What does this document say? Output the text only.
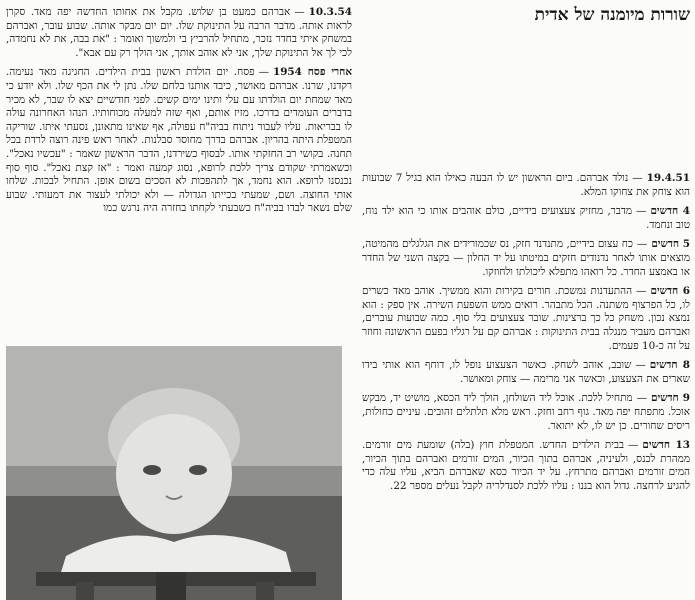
10.3.54—אברהם כמעט בן שלוש. מקבל את אחותו החדשה יפה מאד. סקרן לראות אותה. מדבר הרבה על התינוקת שלו. יום יום מבקר אותה. שבוע עובר, ואברהם במשחק איתי בחדר נזכר, מתחיל להרביץ בי ולמשוך ואומר : "את בבה, את לא נחמדה, לכי לך אל התינוקת שלך, אני לא אוהב אותך, אני הולך רק עם אבא".

אחרי פסח 1954—פסח. יום הולדת ראשון בבית הילדים. החגיגה מאד נעימה. רקדנו, שרנו. אברהם מאושר, כיבד אותנו בלחם שלו. נתן לי את הכף שלו. ולא יודע כי מאד שמחת יום הולדתו עם עלי ותינו ימים קשים. לפני חודשיים יצא לו שבר, לא מכיר בדברים העומדים בדרכו. מזיז אותם, ואף שזה למעלה מכוחותיו. הנהו האחרונה עולה לו בבריאות. עליו לעבור ניתוח בביה"ח עפולה, אף שאינו מתאונן, נסעתי איתו. שוריקה המטפלת היתה בהריון. אברהם בדרך מחוסר סבלנות. לאחר ראש פינה רוצה לרדת בכל תחנה. בקושי רב החזקתי אותו. לבסוף כשירדנו, הדבר הראשון שאמר : "עכשיו נאכל". וכשאמרתי שקודם צריך ללכת לרופא, נסוג קמעה ואמר : "אז קצת נאכל". סוף סוף נכנסנו לרופא. הוא נחמד, אך לתהפכות לא הסכים בשום אופן. התחיל לבכות. שלחו אותי החוצה. ושם, שמעתי בכייתו הגדולה — ולא יכולתי לעצור את דמעותי. שבוע שלם נשאר לבדו בביה"ח כשבעתי לקחתו בחזרה היה נרגש כמו

שורות מיומנה של אדית

19.4.51—נולד אברהם. ביום הראשון יש לו הבעה כאילו הוא בגיל 7 שבועות הוא צוחק את צחוקו המלא.

4 חדשים—מדבר, מחזיק צעצועים בידיים, כולם אוהבים אותו כי הוא ילד נוח, טוב ונחמד.

5 חדשים—כח עצום בידיים, מתנדנד חזק, נס שכמורידים את הגלגלים מהמיטה, מוצאים אותו לאחר נדנודים חזקים במיטתו על יד החלון — בקצה השני של החדר או באמצע החדר. כל רואהו מתפלא ליכולתו ולחוזקו.

6 חדשים—ההתעדנות נמשכת. חורים בקירות והוא ממשיך. אוהב מאד כשרים לו, כל הפרצוף משתנה. הכל מתבהר. רואים ממש השפעת השירה. אין ספק : הוא נמצא נכון. משחק כל כך ברצינות. שובר צעצועים בלי סוף. כמה שבועות עוברים, ואברהם מעביר מנגלה בבית התינוקות : אברהם קם על רגליו בפעם הראשונה וחוזר על זה כ-10 פעמים.

8 חדשים—שובב, אוהב לשחק. כאשר הצעצוע נופל לו, דוחף הוא אותי בידו שארים את הצעצוע, וכאשר אני מרימה — צוחק ומאושר.

9 חדשים—מתחיל ללכת. אוכל ליד השולחן, הולך ליד הכסא, מושיט יד, מבקש אוכל. מתפתח יפה מאד. גוף רחב וחזק. ראש מלא תלתלים זהובים. עיניים כחולות, ריסים שחורים. כן יש לו, לא יתואר.

13 חדשים—בבית הילדים החדש. המטפלת חוץ (בלה) שומעת מים זורמים. ממהרת לכנס, ולעיניה, אברהם בתוך הכיור, המים זורמים ואברהם בתוך הכיור, המים זורמים ואברהם מתרחץ. על יד הכיור כסא שאברהם הביא, עליו עלה כדי להגיע לרחצה. גדול הוא בננו : עליו ללכת לסנדלריה לקבל נעלים מספר 22.
